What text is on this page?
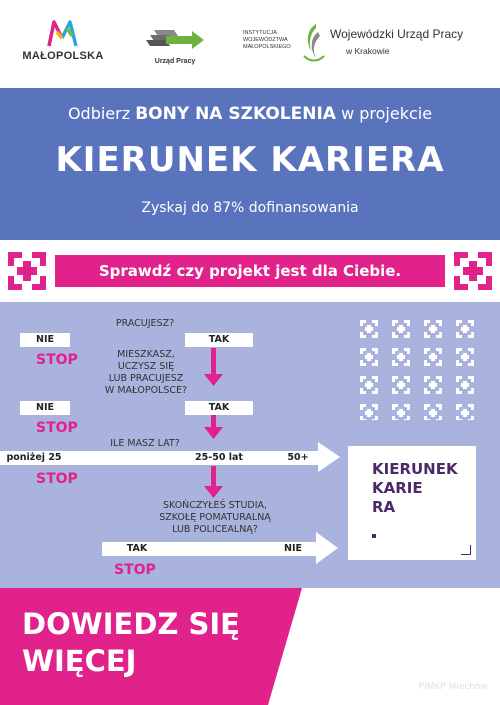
MAŁOPOLSKA	Urząd Pracy
INSTYTUCJA
WOJEWÓDZTWA
MAŁOPOLSKIEGO
Wojewódzki Urząd Pracy
w Krakowie
Odbierz BONY NA SZKOLENIA w projekcie
KIERUNEK KARIERA
Zyskaj do 87% dofinansowania
Sprawdź czy projekt jest dla Ciebie.
PRACUJESZ?
NIE	TAK
STOP	MIESZKASZ,
UCZYSZ SIĘ
LUB PRACUJESZ
W MAŁOPOLSCE?
NIE	TAK
STOP
ILE MASZ LAT?
poniżej 25	25-50 lat	50+
STOP
SKOŃCZYŁEŚ STUDIA,
SZKOŁĘ POMATURALNĄ
LUB POLICEALNĄ?
TAK	NIE
STOP
KIERUNEK
KARIE
RA
DOWIEDZ SIĘ
WIĘCEJ
PIMKP Miechów
